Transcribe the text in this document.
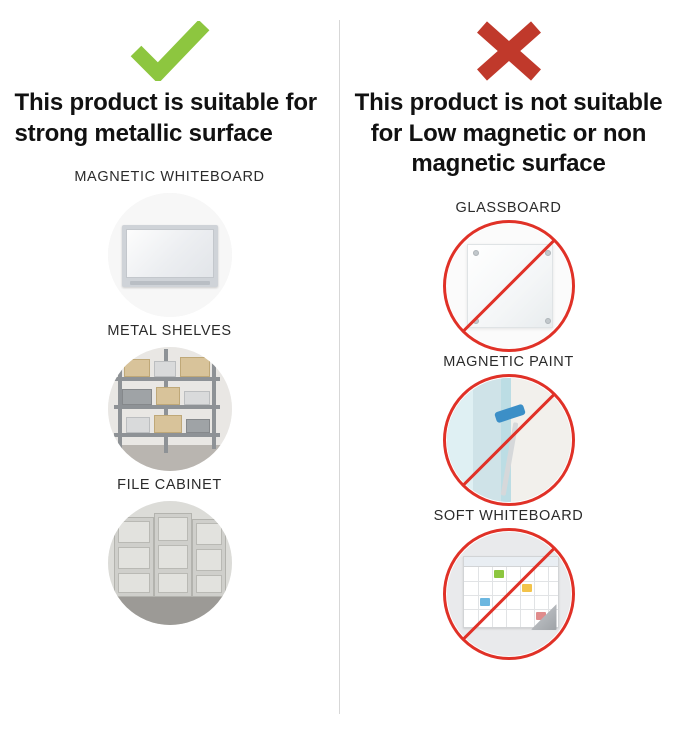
This product is suitable for strong metallic surface
MAGNETIC WHITEBOARD
METAL SHELVES
FILE CABINET
This product is not suitable for Low magnetic or non magnetic surface
GLASSBOARD
MAGNETIC PAINT
SOFT WHITEBOARD
